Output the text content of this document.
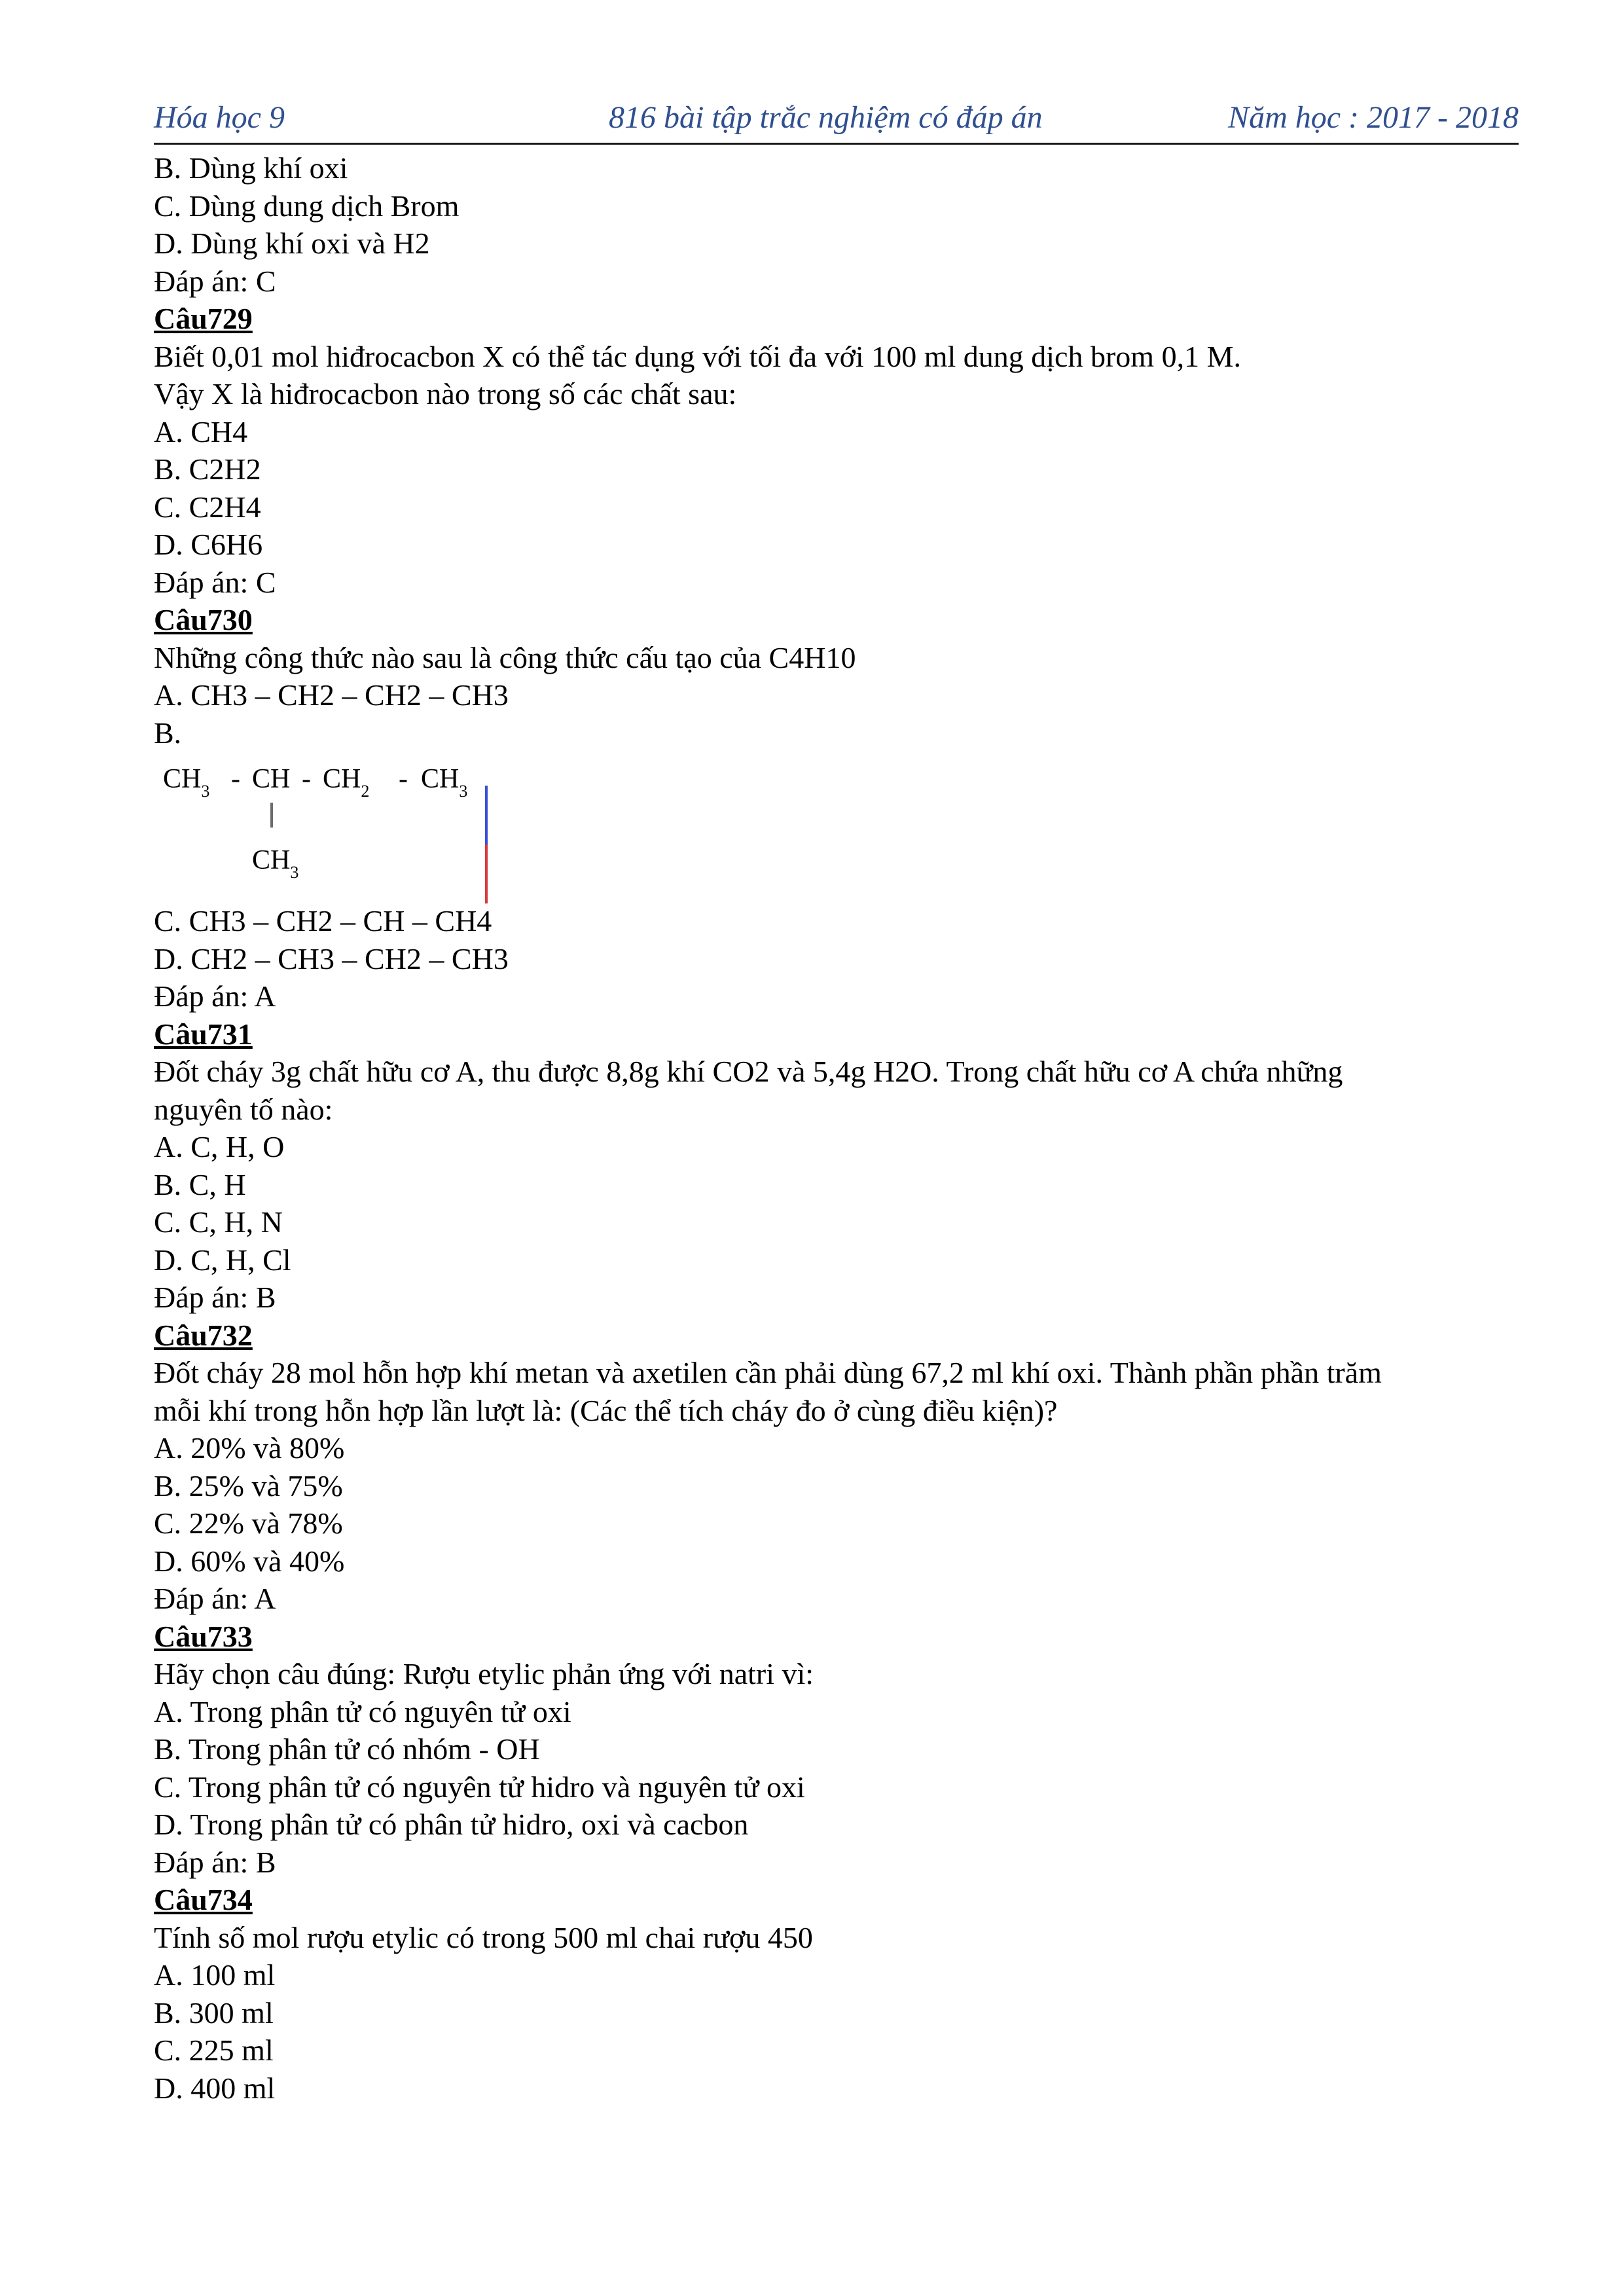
Hóa học 9	816 bài tập trắc nghiệm có đáp án	Năm học : 2017 - 2018
B. Dùng khí oxi
C. Dùng dung dịch Brom
D. Dùng khí oxi và H2
Đáp án: C
Câu729
Biết 0,01 mol hiđrocacbon X có thể tác dụng với tối đa với 100 ml dung dịch brom 0,1 M.
Vậy X là hiđrocacbon nào trong số các chất sau:
A. CH4
B. C2H2
C. C2H4
D. C6H6
Đáp án: C
Câu730
Những công thức nào sau là công thức cấu tạo của C4H10
A. CH3 – CH2 – CH2 – CH3
B.
$CH_3$ - CH - $CH_2 - CH_3$
$CH_3$
C. CH3 – CH2 – CH – CH4
D. CH2 – CH3 – CH2 – CH3
Đáp án: A
Câu731
Đốt cháy 3g chất hữu cơ A, thu được 8,8g khí CO2 và 5,4g H2O. Trong chất hữu cơ A chứa những
nguyên tố nào:
A. C, H, O
B. C, H
C. C, H, N
D. C, H, Cl
Đáp án: B
Câu732
Đốt cháy 28 mol hỗn hợp khí metan và axetilen cần phải dùng 67,2 ml khí oxi. Thành phần phần trăm
mỗi khí trong hỗn hợp lần lượt là: (Các thể tích cháy đo ở cùng điều kiện)?
A. 20% và 80%
B. 25% và 75%
C. 22% và 78%
D. 60% và 40%
Đáp án: A
Câu733
Hãy chọn câu đúng: Rượu etylic phản ứng với natri vì:
A. Trong phân tử có nguyên tử oxi
B. Trong phân tử có nhóm - OH
C. Trong phân tử có nguyên tử hidro và nguyên tử oxi
D. Trong phân tử có phân tử hidro, oxi và cacbon
Đáp án: B
Câu734
Tính số mol rượu etylic có trong 500 ml chai rượu 450
A. 100 ml
B. 300 ml
C. 225 ml
D. 400 ml
